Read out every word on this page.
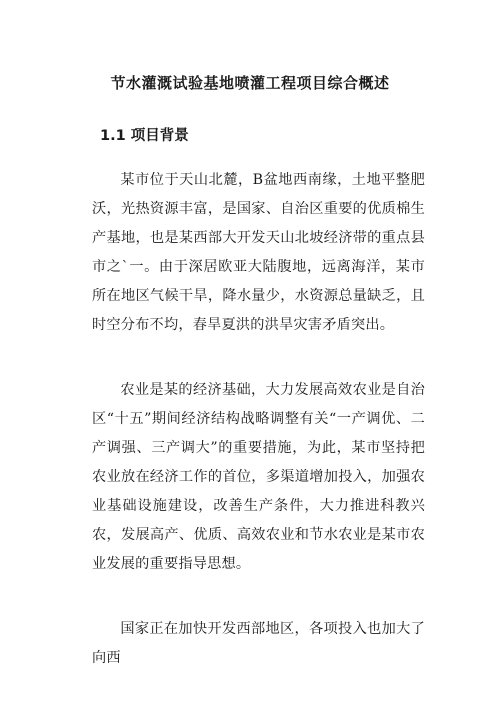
节水灌溉试验基地喷灌工程项目综合概述
1.1 项目背景

某市位于天山北麓，B盆地西南缘，土地平整肥沃，光热资源丰富，是国家、自治区重要的优质棉生产基地，也是某西部大开发天山北坡经济带的重点县市之`一。由于深居欧亚大陆腹地，远离海洋，某市所在地区气候干旱，降水量少，水资源总量缺乏，且时空分布不均，春旱夏洪的洪旱灾害矛盾突出。

农业是某的经济基础，大力发展高效农业是自治区“十五”期间经济结构战略调整有关“一产调优、二产调强、三产调大”的重要措施，为此，某市坚持把农业放在经济工作的首位，多渠道增加投入，加强农业基础设施建设，改善生产条件，大力推进科教兴农，发展高产、优质、高效农业和节水农业是某市农业发展的重要指导思想。

国家正在加快开发西部地区，各项投入也加大了向西
